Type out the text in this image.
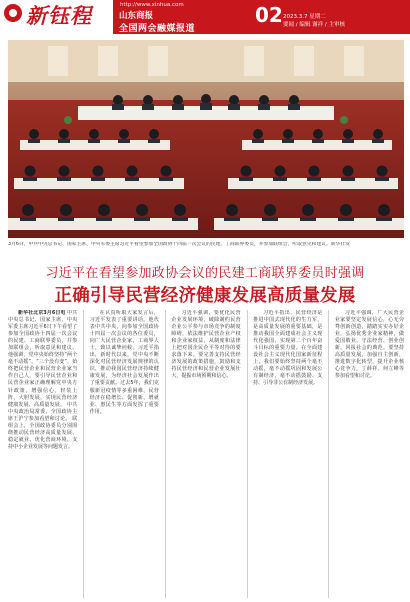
新钰程	http://www.xinhua.com
山东商报
全国两会融媒报道
02 2023.3.7 星期二
要闻 / 编辑 谢祥 / 主审核
3月6日，中共中央总书记、国家主席、中央军委主席习近平看望参加全国政协十四届一次会议的民建、工商联界委员，并参加联组会，听取意见和建议。新华社发
习近平在看望参加政协会议的民建工商联界委员时强调
正确引导民营经济健康发展高质量发展

新华社北京3月6日电 中共中央总书记、国家主席、中央军委主席习近平6日下午看望了参加全国政协十四届一次会议的民建、工商联界委员，并参加联组会，听取意见和建议。他强调，党中央始终坚持“两个毫不动摇”、“三个没有变”，始终把民营企业和民营企业家当作自己人，要引导民营企业和民营企业家正确理解党中央方针政策，增强信心，轻装上阵，大胆发展，实现民营经济健康发展、高质量发展。 中共中央政治局常委、全国政协主席王沪宁参加看望和讨论。 联组会上，全国政协委员分别围绕推动民营经济高质量发展、稳定就业、优化营商环境、支持中小企业发展等问题发言。

在认真听取大家发言后，习近平发表了重要讲话。他代表中共中央，向参加全国政协十四届一次会议的各位委员，向广大民营企业家、工商界人士，致以诚挚问候。习近平指出，新时代以来，党中央不断深化对民营经济发展规律的认识，推动我国民营经济持续健康发展，为经济社会发展作出了重要贡献。过去5年，我们克服新冠疫情等多重困难，民营经济在稳增长、促创新、增就业、惠民生等方面发挥了重要作用。

习近平强调，要优化民营企业发展环境，破除制约民营企业公平参与市场竞争的制度障碍，依法维护民营企业产权和企业家权益，从制度和法律上把对国企民企平等对待的要求落下来。要完善支持民营经济发展的政策措施，鼓励和支持民营经济和民营企业发展壮大，提振市场预期和信心。

习近平指出，民营经济是推进中国式现代化的生力军，是高质量发展的重要基础，是推动我国全面建成社会主义现代化强国、实现第二个百年奋斗目标的重要力量。在全面建设社会主义现代化国家新征程上，我们要始终坚持两个毫不动摇，毫不动摇巩固和发展公有制经济，毫不动摇鼓励、支持、引导非公有制经济发展。

习近平强调，广大民营企业家要坚定发展信心，心无旁骛创新创造，踏踏实实办好企业，弘扬优秀企业家精神，做爱国敬业、守法经营、创业创新、回报社会的典范。要坚持高质量发展，加强自主创新，推进数字化转型，提升企业核心竞争力。丁薛祥、何立峰等参加看望和讨论。
